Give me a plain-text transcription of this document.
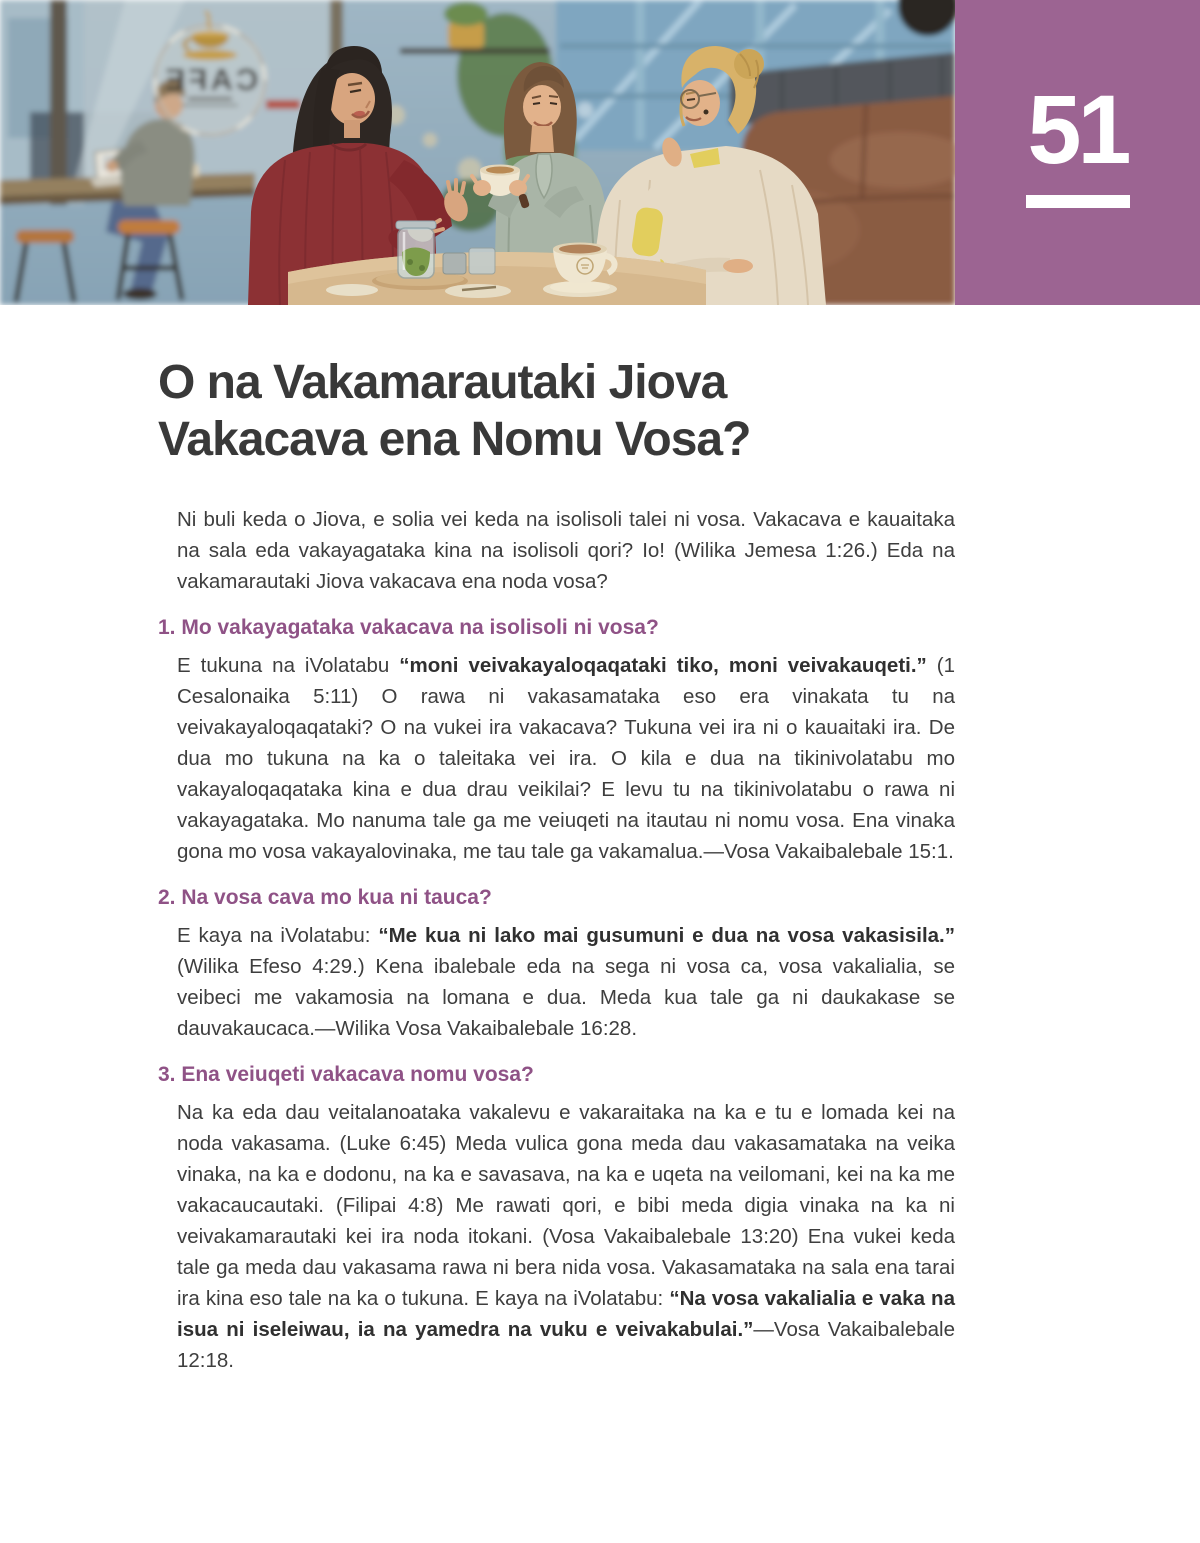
CAFE	51
O na Vakamarautaki Jiova
Vakacava ena Nomu Vosa?

Ni buli keda o Jiova, e solia vei keda na isolisoli talei ni vosa. Vakacava e kauaitaka na sala eda vakayagataka kina na isolisoli qori? Io! (Wilika Jemesa 1:26.) Eda na vakamarautaki Jiova vakacava ena noda vosa?

1. Mo vakayagataka vakacava na isolisoli ni vosa?

E tukuna na iVolatabu “moni veivakayaloqaqataki tiko, moni veivakauqeti.” (1 Cesalonaika 5:11) O rawa ni vakasamataka eso era vinakata tu na veivakayaloqaqataki? O na vukei ira vakacava? Tukuna vei ira ni o kauaitaki ira. De dua mo tukuna na ka o taleitaka vei ira. O kila e dua na tikinivolatabu mo vakayaloqaqataka kina e dua drau veikilai? E levu tu na tikinivolatabu o rawa ni vakayagataka. Mo nanuma tale ga me veiuqeti na itautau ni nomu vosa. Ena vinaka gona mo vosa vakayalovinaka, me tau tale ga vakamalua.—Vosa Vakaibalebale 15:1.

2. Na vosa cava mo kua ni tauca?

E kaya na iVolatabu: “Me kua ni lako mai gusumuni e dua na vosa vakasisila.” (Wilika Efeso 4:29.) Kena ibalebale eda na sega ni vosa ca, vosa vakalialia, se veibeci me vakamosia na lomana e dua. Meda kua tale ga ni daukakase se dauvakaucaca.—Wilika Vosa Vakaibalebale 16:28.

3. Ena veiuqeti vakacava nomu vosa?

Na ka eda dau veitalanoataka vakalevu e vakaraitaka na ka e tu e lomada kei na noda vakasama. (Luke 6:45) Meda vulica gona meda dau vakasamataka na veika vinaka, na ka e dodonu, na ka e savasava, na ka e uqeta na veilomani, kei na ka me vakacaucautaki. (Filipai 4:8) Me rawati qori, e bibi meda digia vinaka na ka ni veivakamarautaki kei ira noda itokani. (Vosa Vakaibalebale 13:20) Ena vukei keda tale ga meda dau vakasama rawa ni bera nida vosa. Vakasamataka na sala ena tarai ira kina eso tale na ka o tukuna. E kaya na iVolatabu: “Na vosa vakalialia e vaka na isua ni iseleiwau, ia na yamedra na vuku e veivakabulai.”—Vosa Vakaibalebale 12:18.
